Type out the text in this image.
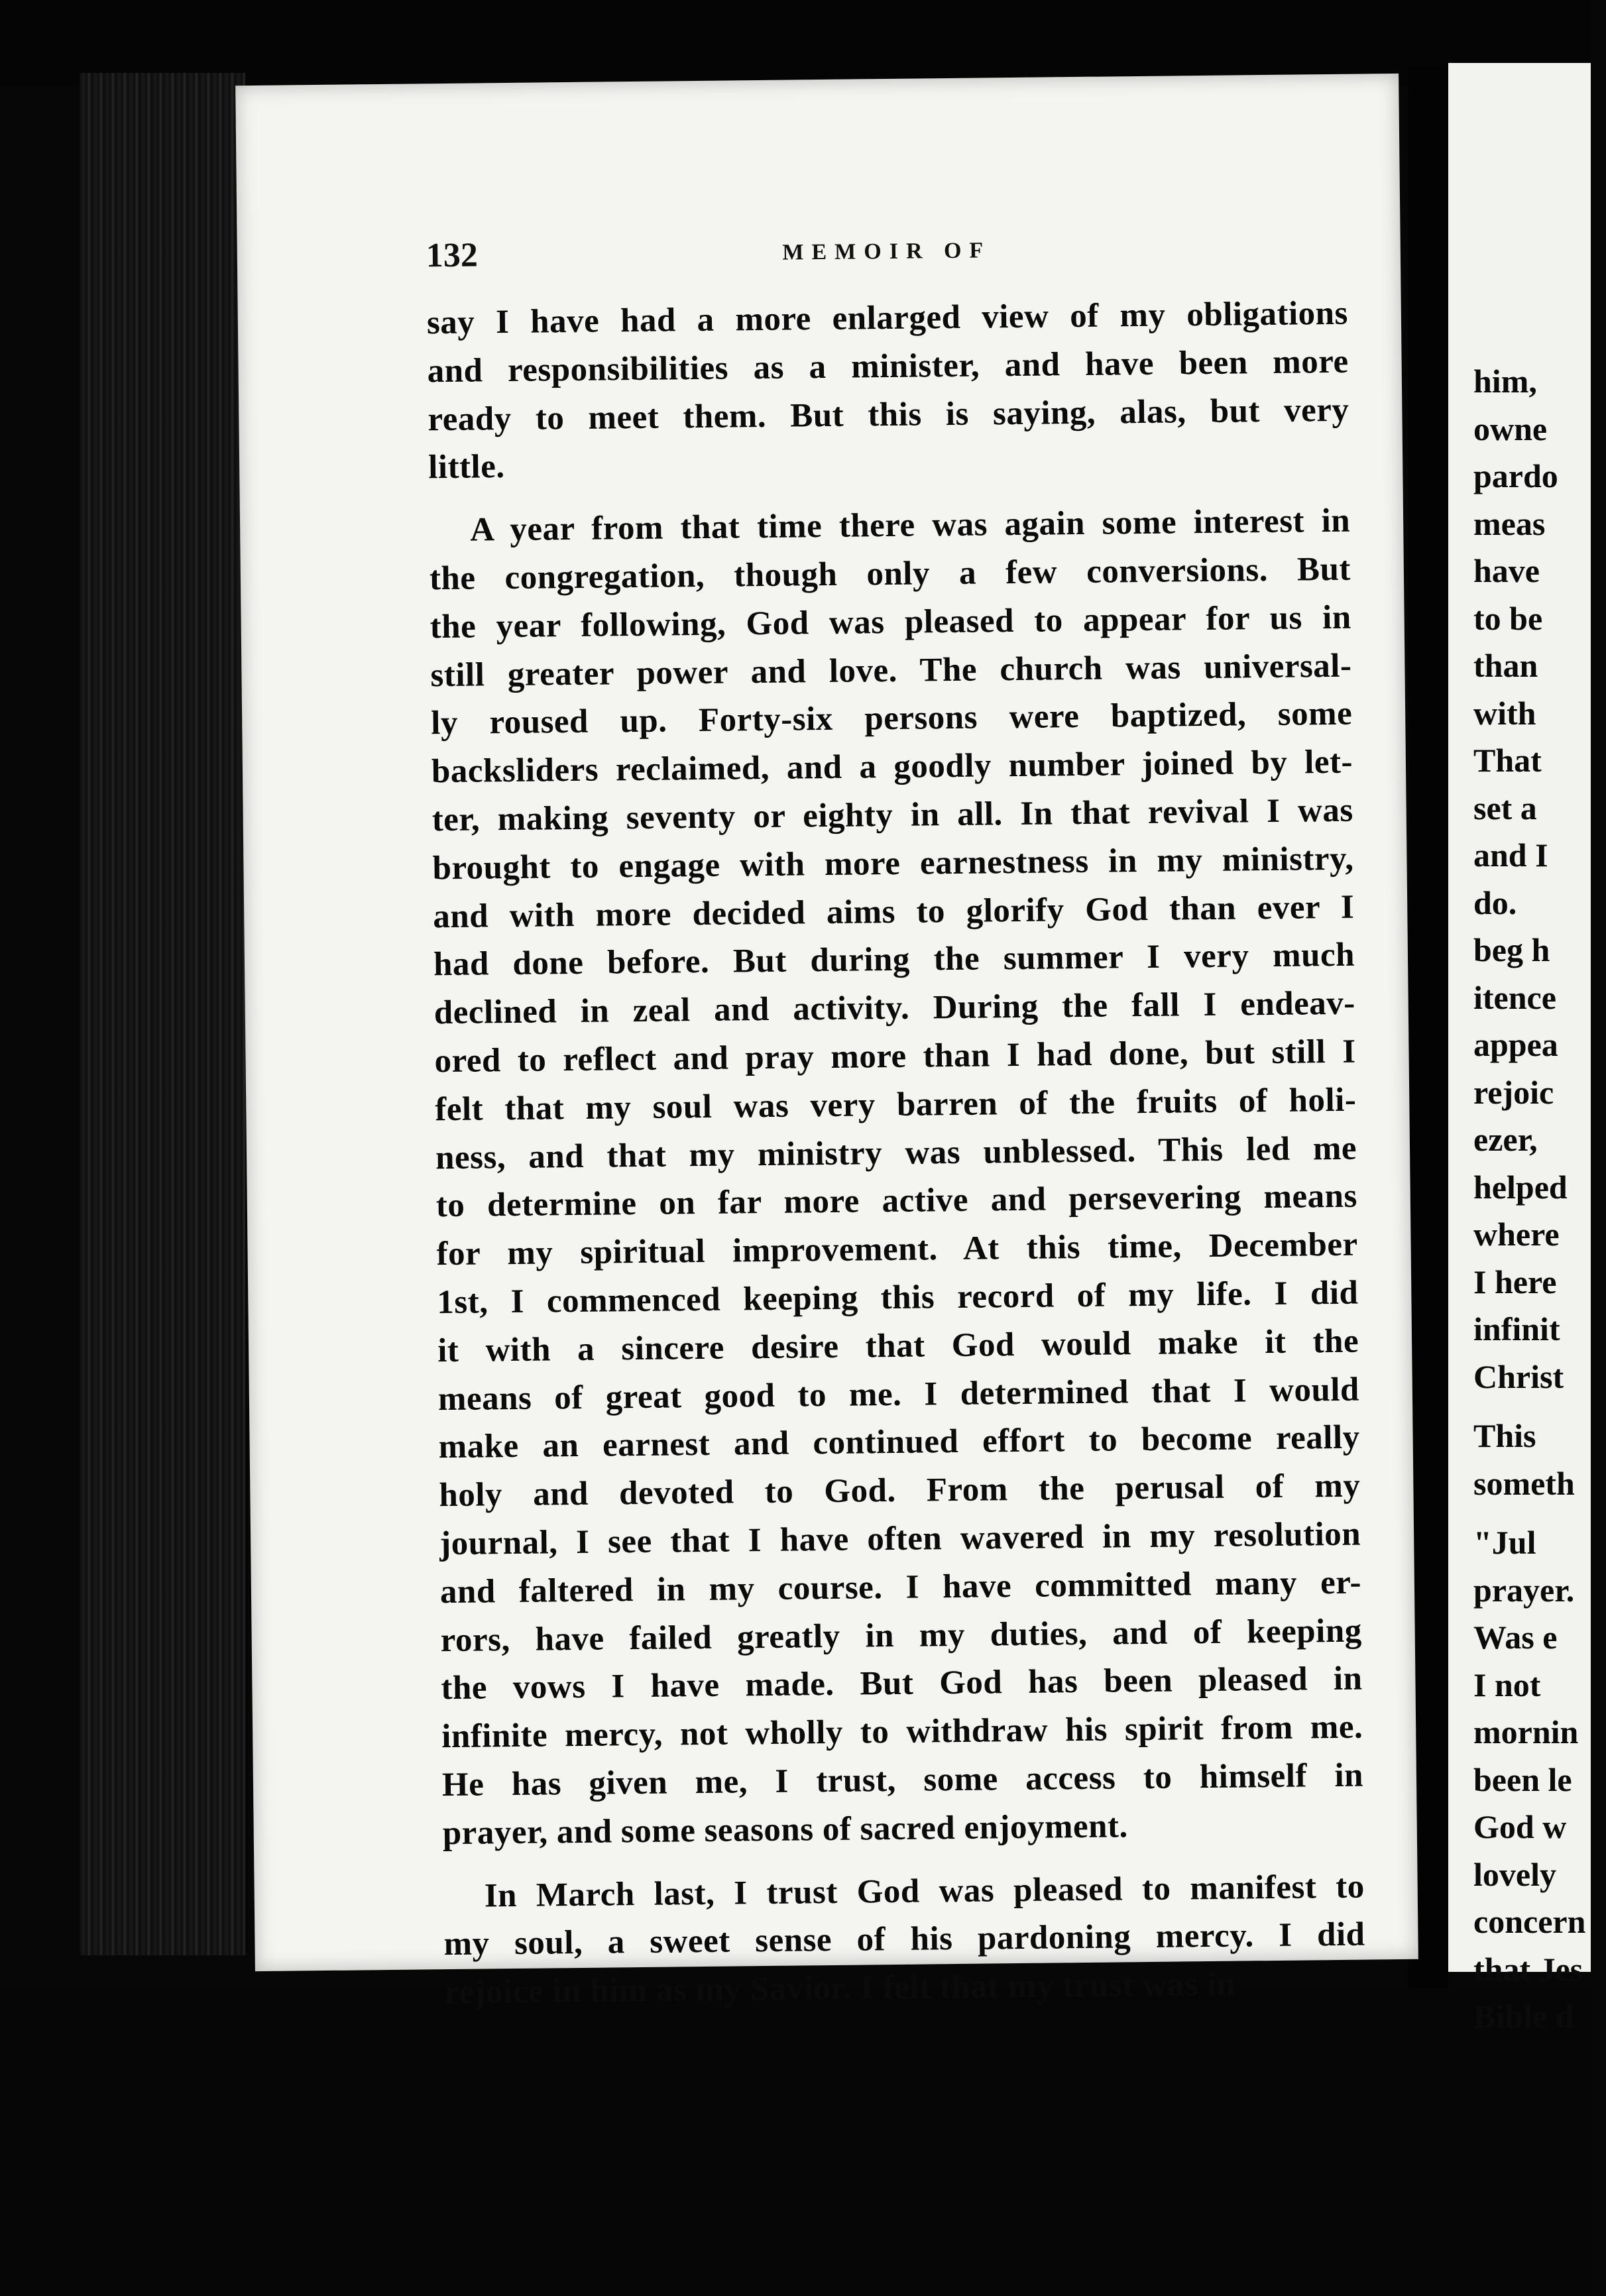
132	MEMOIR OF
say I have had a more enlarged view of my obligations
and responsibilities as a minister, and have been more
ready to meet them. But this is saying, alas, but very
little.
A year from that time there was again some interest in
the congregation, though only a few conversions. But
the year following, God was pleased to appear for us in
still greater power and love. The church was universal-
ly roused up. Forty-six persons were baptized, some
backsliders reclaimed, and a goodly number joined by let-
ter, making seventy or eighty in all. In that revival I was
brought to engage with more earnestness in my ministry,
and with more decided aims to glorify God than ever I
had done before. But during the summer I very much
declined in zeal and activity. During the fall I endeav-
ored to reflect and pray more than I had done, but still I
felt that my soul was very barren of the fruits of holi-
ness, and that my ministry was unblessed. This led me
to determine on far more active and persevering means
for my spiritual improvement. At this time, December
1st, I commenced keeping this record of my life. I did
it with a sincere desire that God would make it the
means of great good to me. I determined that I would
make an earnest and continued effort to become really
holy and devoted to God. From the perusal of my
journal, I see that I have often wavered in my resolution
and faltered in my course. I have committed many er-
rors, have failed greatly in my duties, and of keeping
the vows I have made. But God has been pleased in
infinite mercy, not wholly to withdraw his spirit from me.
He has given me, I trust, some access to himself in
prayer, and some seasons of sacred enjoyment.
In March last, I trust God was pleased to manifest to
my soul, a sweet sense of his pardoning mercy. I did
rejoice in him as my Savior. I felt that my trust was in
him,
owne
pardo
meas
have
to be
than
with
That
set a
and I
do.
beg h
itence
appea
rejoic
ezer,
helped
where
I here
infinit
Christ
This
someth
"Jul
prayer.
Was e
I not
mornin
been le
God w
lovely
concern
that Jes
Bible d
